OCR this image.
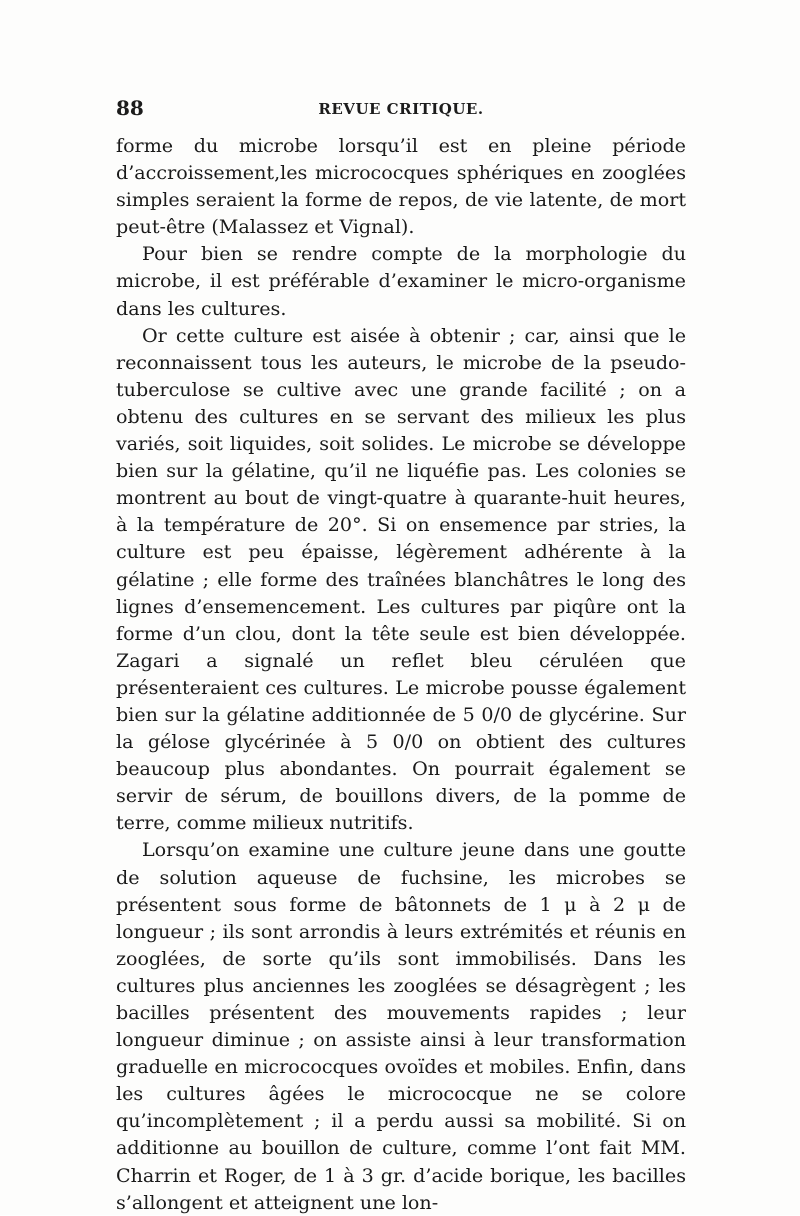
88	REVUE CRITIQUE.

forme du microbe lorsqu’il est en pleine période d’accroissement,les micrococques sphériques en zooglées simples seraient la forme de repos, de vie latente, de mort peut-être (Malassez et Vignal).

Pour bien se rendre compte de la morphologie du microbe, il est préférable d’examiner le micro-organisme dans les cultures.

Or cette culture est aisée à obtenir ; car, ainsi que le reconnaissent tous les auteurs, le microbe de la pseudo-tuberculose se cultive avec une grande facilité ; on a obtenu des cultures en se servant des milieux les plus variés, soit liquides, soit solides. Le microbe se développe bien sur la gélatine, qu’il ne liquéfie pas. Les colonies se montrent au bout de vingt-quatre à quarante-huit heures, à la température de 20°. Si on ensemence par stries, la culture est peu épaisse, légèrement adhérente à la gélatine ; elle forme des traînées blanchâtres le long des lignes d’ensemencement. Les cultures par piqûre ont la forme d’un clou, dont la tête seule est bien développée. Zagari a signalé un reflet bleu céruléen que présenteraient ces cultures. Le microbe pousse également bien sur la gélatine additionnée de 5 0/0 de glycérine. Sur la gélose glycérinée à 5 0/0 on obtient des cultures beaucoup plus abondantes. On pourrait également se servir de sérum, de bouillons divers, de la pomme de terre, comme milieux nutritifs.

Lorsqu’on examine une culture jeune dans une goutte de solution aqueuse de fuchsine, les microbes se présentent sous forme de bâtonnets de 1 μ à 2 μ de longueur ; ils sont arrondis à leurs extrémités et réunis en zooglées, de sorte qu’ils sont immobilisés. Dans les cultures plus anciennes les zooglées se désagrègent ; les bacilles présentent des mouvements rapides ; leur longueur diminue ; on assiste ainsi à leur transformation graduelle en micrococques ovoïdes et mobiles. Enfin, dans les cultures âgées le micrococque ne se colore qu’incomplètement ; il a perdu aussi sa mobilité. Si on additionne au bouillon de culture, comme l’ont fait MM. Charrin et Roger, de 1 à 3 gr. d’acide borique, les bacilles s’allongent et atteignent une lon-
